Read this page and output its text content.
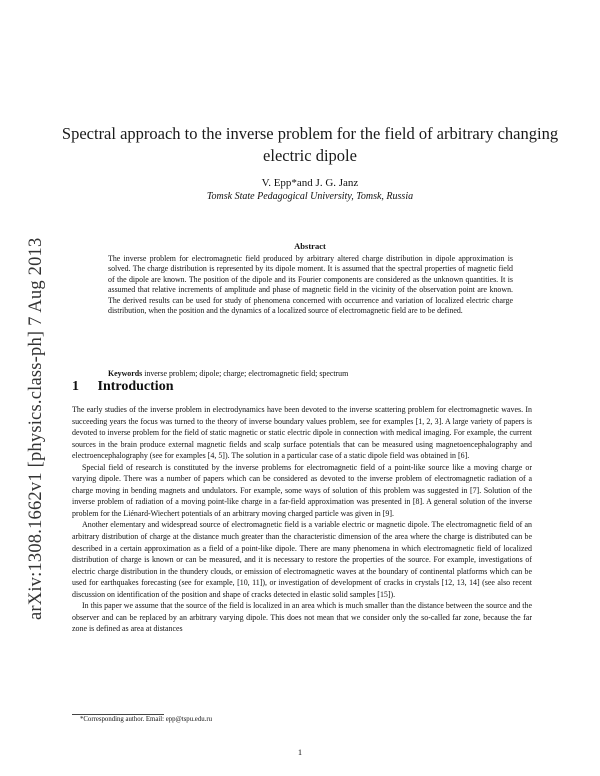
arXiv:1308.1662v1 [physics.class-ph] 7 Aug 2013
Spectral approach to the inverse problem for the field of arbitrary changing electric dipole
V. Epp*and J. G. Janz
Tomsk State Pedagogical University, Tomsk, Russia
Abstract
The inverse problem for electromagnetic field produced by arbitrary altered charge distribution in dipole approximation is solved. The charge distribution is represented by its dipole moment. It is assumed that the spectral properties of magnetic field of the dipole are known. The position of the dipole and its Fourier components are considered as the unknown quantities. It is assumed that relative increments of amplitude and phase of magnetic field in the vicinity of the observation point are known. The derived results can be used for study of phenomena concerned with occurrence and variation of localized electric charge distribution, when the position and the dynamics of a localized source of electromagnetic field are to be defined.
Keywords inverse problem; dipole; charge; electromagnetic field; spectrum
1 Introduction

The early studies of the inverse problem in electrodynamics have been devoted to the inverse scattering problem for electromagnetic waves. In succeeding years the focus was turned to the theory of inverse boundary values problem, see for examples [1, 2, 3]. A large variety of papers is devoted to inverse problem for the field of static magnetic or static electric dipole in connection with medical imaging. For example, the current sources in the brain produce external magnetic fields and scalp surface potentials that can be measured using magnetoencephalography and electroencephalography (see for examples [4, 5]). The solution in a particular case of a static dipole field was obtained in [6].

Special field of research is constituted by the inverse problems for electromagnetic field of a point-like source like a moving charge or varying dipole. There was a number of papers which can be considered as devoted to the inverse problem of electromagnetic radiation of a charge moving in bending magnets and undulators. For example, some ways of solution of this problem was suggested in [7]. Solution of the inverse problem of radiation of a moving point-like charge in a far-field approximation was presented in [8]. A general solution of the inverse problem for the Liénard-Wiechert potentials of an arbitrary moving charged particle was given in [9].

Another elementary and widespread source of electromagnetic field is a variable electric or magnetic dipole. The electromagnetic field of an arbitrary distribution of charge at the distance much greater than the characteristic dimension of the area where the charge is distributed can be described in a certain approximation as a field of a point-like dipole. There are many phenomena in which electromagnetic field of localized distribution of charge is known or can be measured, and it is necessary to restore the properties of the source. For example, investigations of electric charge distribution in the thundery clouds, or emission of electromagnetic waves at the boundary of continental platforms which can be used for earthquakes forecasting (see for example, [10, 11]), or investigation of development of cracks in crystals [12, 13, 14] (see also recent discussion on identification of the position and shape of cracks detected in elastic solid samples [15]).

In this paper we assume that the source of the field is localized in an area which is much smaller than the distance between the source and the observer and can be replaced by an arbitrary varying dipole. This does not mean that we consider only the so-called far zone, because the far zone is defined as area at distances

*Corresponding author. Email: epp@tspu.edu.ru
1
